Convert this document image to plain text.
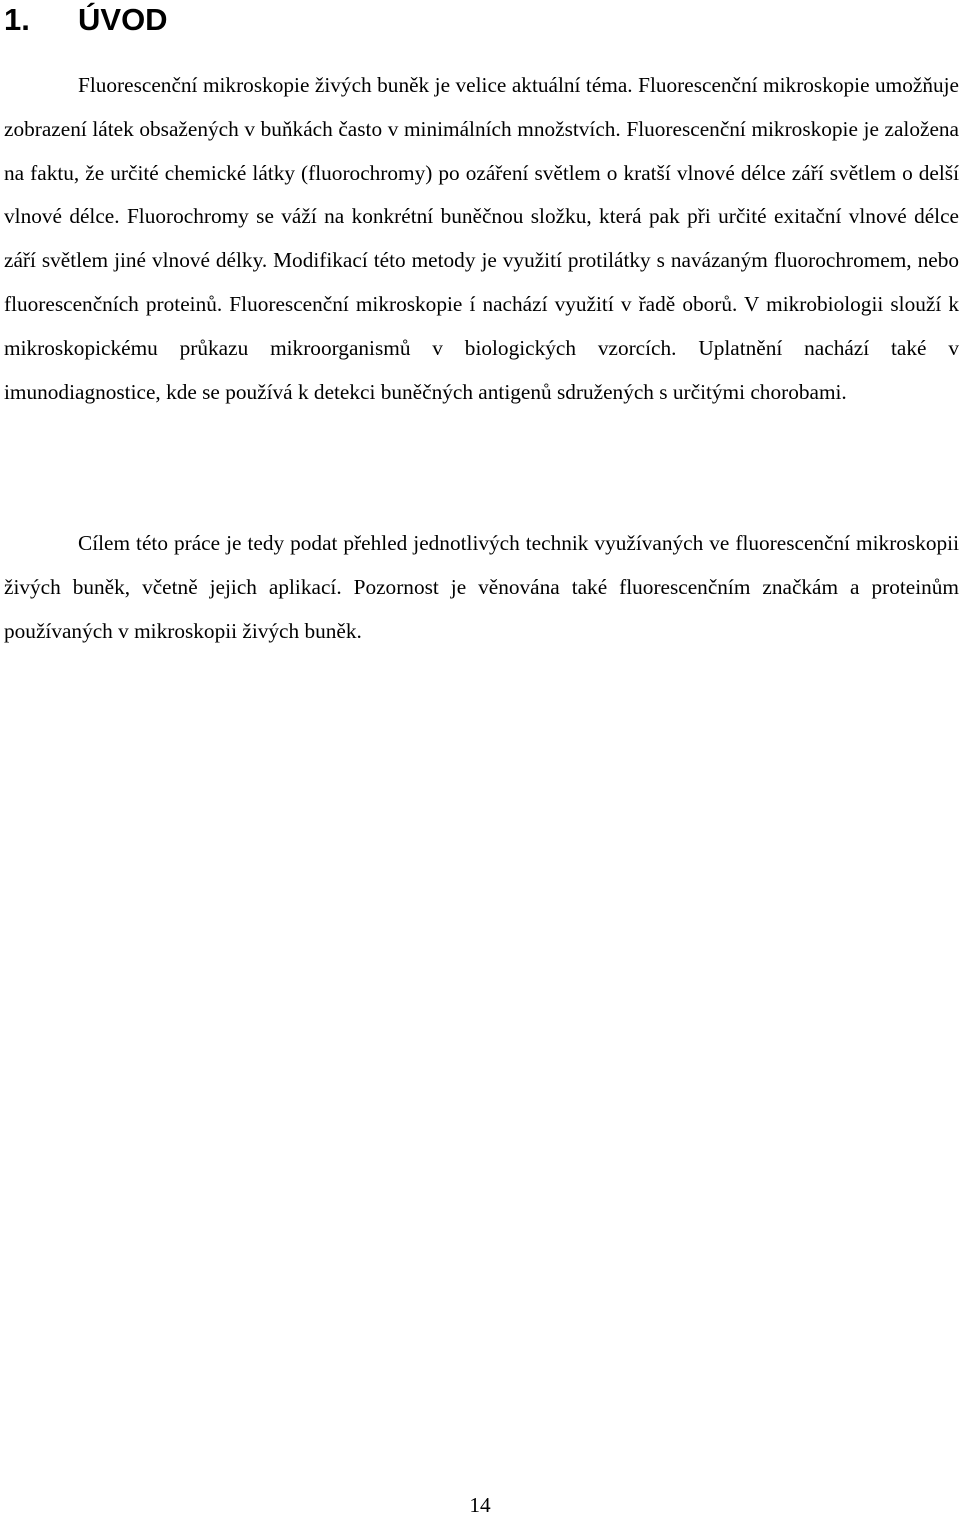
1. ÚVOD

Fluorescenční mikroskopie živých buněk je velice aktuální téma. Fluorescenční mikroskopie umožňuje zobrazení látek obsažených v buňkách často v minimálních množstvích. Fluorescenční mikroskopie je založena na faktu, že určité chemické látky (fluorochromy) po ozáření světlem o kratší vlnové délce září světlem o delší vlnové délce. Fluorochromy se váží na konkrétní buněčnou složku, která pak při určité exitační vlnové délce září světlem jiné vlnové délky. Modifikací této metody je využití protilátky s navázaným fluorochromem, nebo fluorescenčních proteinů. Fluorescenční mikroskopie í nachází využití v řadě oborů. V mikrobiologii slouží k mikroskopickému průkazu mikroorganismů v biologických vzorcích. Uplatnění nachází také v imunodiagnostice, kde se používá k detekci buněčných antigenů sdružených s určitými chorobami.

Cílem této práce je tedy podat přehled jednotlivých technik využívaných ve fluorescenční mikroskopii živých buněk, včetně jejich aplikací. Pozornost je věnována také fluorescenčním značkám a proteinům používaných v mikroskopii živých buněk.

14
